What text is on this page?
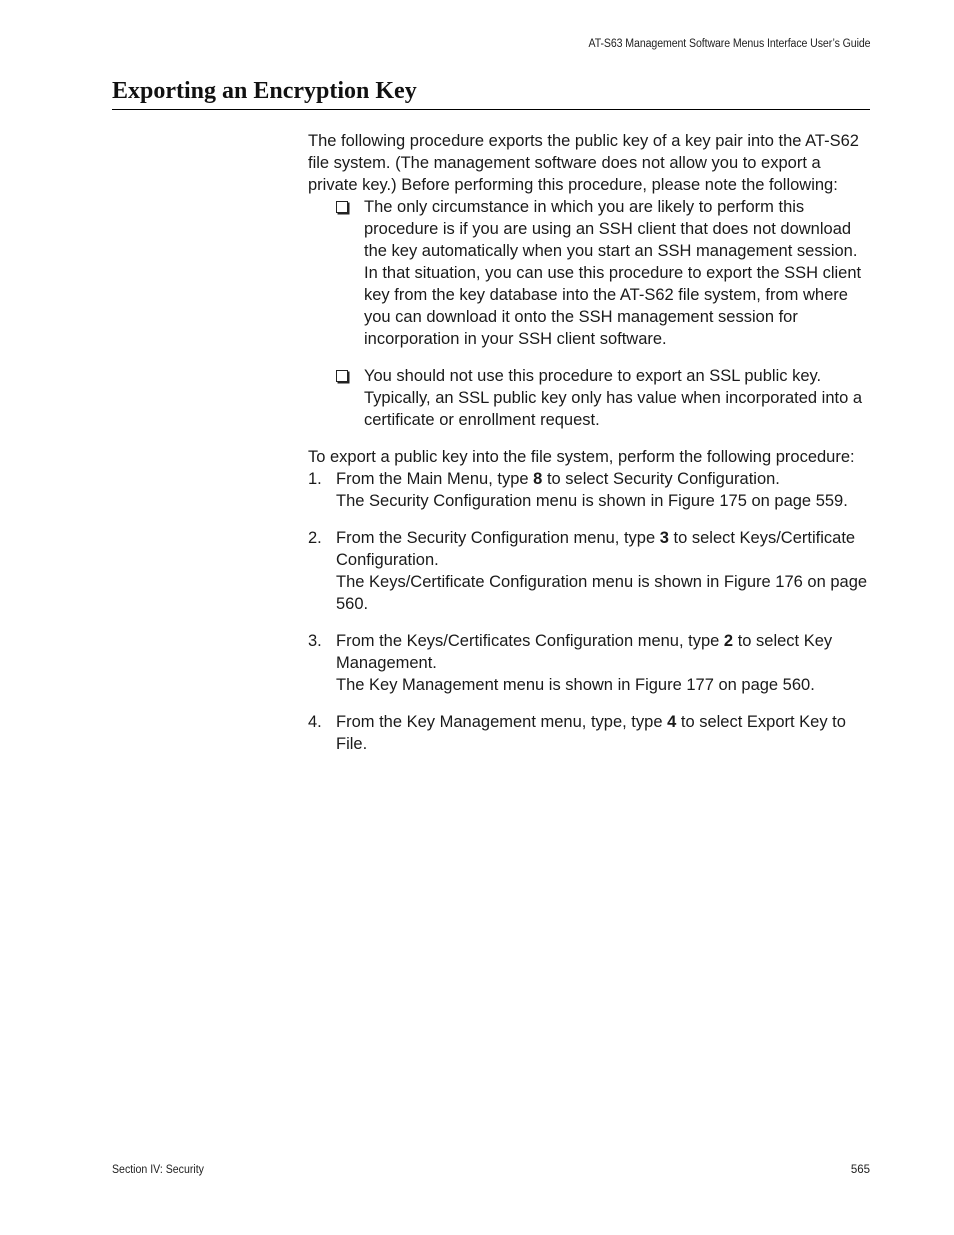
AT-S63 Management Software Menus Interface User’s Guide
Exporting an Encryption Key

The following procedure exports the public key of a key pair into the AT-S62 file system. (The management software does not allow you to export a private key.) Before performing this procedure, please note the following:

The only circumstance in which you are likely to perform this procedure is if you are using an SSH client that does not download the key automatically when you start an SSH management session. In that situation, you can use this procedure to export the SSH client key from the key database into the AT-S62 file system, from where you can download it onto the SSH management session for incorporation in your SSH client software.
You should not use this procedure to export an SSL public key. Typically, an SSL public key only has value when incorporated into a certificate or enrollment request.

To export a public key into the file system, perform the following procedure:

1. From the Main Menu, type 8 to select Security Configuration.

The Security Configuration menu is shown in Figure 175 on page 559.

2. From the Security Configuration menu, type 3 to select Keys/Certificate Configuration.

The Keys/Certificate Configuration menu is shown in Figure 176 on page 560.

3. From the Keys/Certificates Configuration menu, type 2 to select Key Management.

The Key Management menu is shown in Figure 177 on page 560.

4. From the Key Management menu, type, type 4 to select Export Key to File.

Section IV: Security	565
